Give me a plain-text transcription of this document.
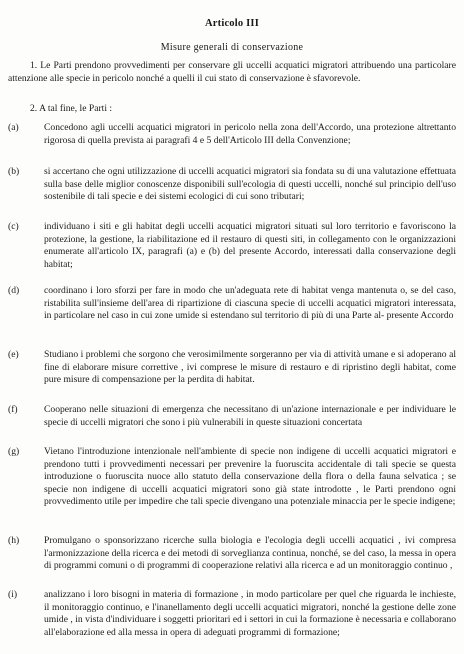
Articolo III
Misure generali di conservazione
1. Le Parti prendono provvedimenti per conservare gli uccelli acquatici migratori attribuendo una particolare attenzione alle specie in pericolo nonché a quelli il cui stato di conservazione è sfavorevole.
2. A tal fine, le Parti :
(a)	Concedono agli uccelli acquatici migratori in pericolo nella zona dell'Accordo, una protezione altrettanto rigorosa di quella prevista ai paragrafi 4 e 5 dell'Articolo III della Convenzione;
(b)	si accertano che ogni utilizzazione di uccelli acquatici migratori sia fondata su di una valutazione effettuata sulla base delle miglior conoscenze disponibili sull'ecologia di questi uccelli, nonché sul principio dell'uso sostenibile di tali specie e dei sistemi ecologici di cui sono tributari;
(c)	individuano i siti e gli habitat degli uccelli acquatici migratori situati sul loro territorio e favoriscono la protezione, la gestione, la riabilitazione ed il restauro di questi siti, in collegamento con le organizzazioni enumerate all'articolo IX, paragrafi (a) e (b) del presente Accordo, interessati dalla conservazione degli habitat;
(d)	coordinano i loro sforzi per fare in modo che un'adeguata rete di habitat venga mantenuta o, se del caso, ristabilita sull'insieme dell'area di ripartizione di ciascuna specie di uccelli acquatici migratori interessata, in particolare nel caso in cui zone umide si estendano sul territorio di più di una Parte al- presente Accordo
(e)	Studiano i problemi che sorgono che verosimilmente sorgeranno per via di attività umane e si adoperano al fine di elaborare misure correttive , ivi comprese le misure di restauro e di ripristino degli habitat, come pure misure di compensazione per la perdita di habitat.
(f)	Cooperano nelle situazioni di emergenza che necessitano di un'azione internazionale e per individuare le specie di uccelli migratori che sono i più vulnerabili in queste situazioni concertata
(g)	Vietano l'introduzione intenzionale nell'ambiente di specie non indigene di uccelli acquatici migratori e prendono tutti i provvedimenti necessari per prevenire la fuoruscita accidentale di tali specie se questa introduzione o fuoruscita nuoce allo statuto della conservazione della flora o della fauna selvatica ; se specie non indigene di uccelli acquatici migratori sono già state introdotte , le Parti prendono ogni provvedimento utile per impedire che tali specie divengano una potenziale minaccia per le specie indigene;
(h)	Promulgano o sponsorizzano ricerche sulla biologia e l'ecologia degli uccelli acquatici , ivi compresa l'armonizzazione della ricerca e dei metodi di sorveglianza continua, nonché, se del caso, la messa in opera di programmi comuni o di programmi di cooperazione relativi alla ricerca e ad un monitoraggio continuo ,
(i)	analizzano i loro bisogni in materia di formazione , in modo particolare per quel che riguarda le inchieste, il monitoraggio continuo, e l'inanellamento degli uccelli acquatici migratori, nonché la gestione delle zone umide , in vista d'individuare i soggetti prioritari ed i settori in cui la formazione è necessaria e collaborano all'elaborazione ed alla messa in opera di adeguati programmi di formazione;
